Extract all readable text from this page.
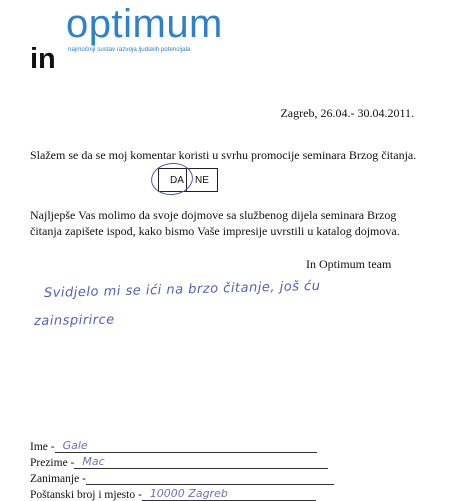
optimum
in najmočniji sustav razvoja ljudskih potencijala
Zagreb, 26.04.- 30.04.2011.
Slažem se da se moj komentar koristi u svrhu promocije seminara Brzog čitanja.
DA	NE
Najljepše Vas molimo da svoje dojmove sa službenog dijela seminara Brzog čitanja zapišete ispod, kako bismo Vaše impresije uvrstili u katalog dojmova.
In Optimum team
Svidjelo mi se ići na brzo čitanje, još ću
zainspirirce
Ime - Gale
Prezime - Mac
Zanimanje -
Poštanski broj i mjesto - 10000 Zagreb
